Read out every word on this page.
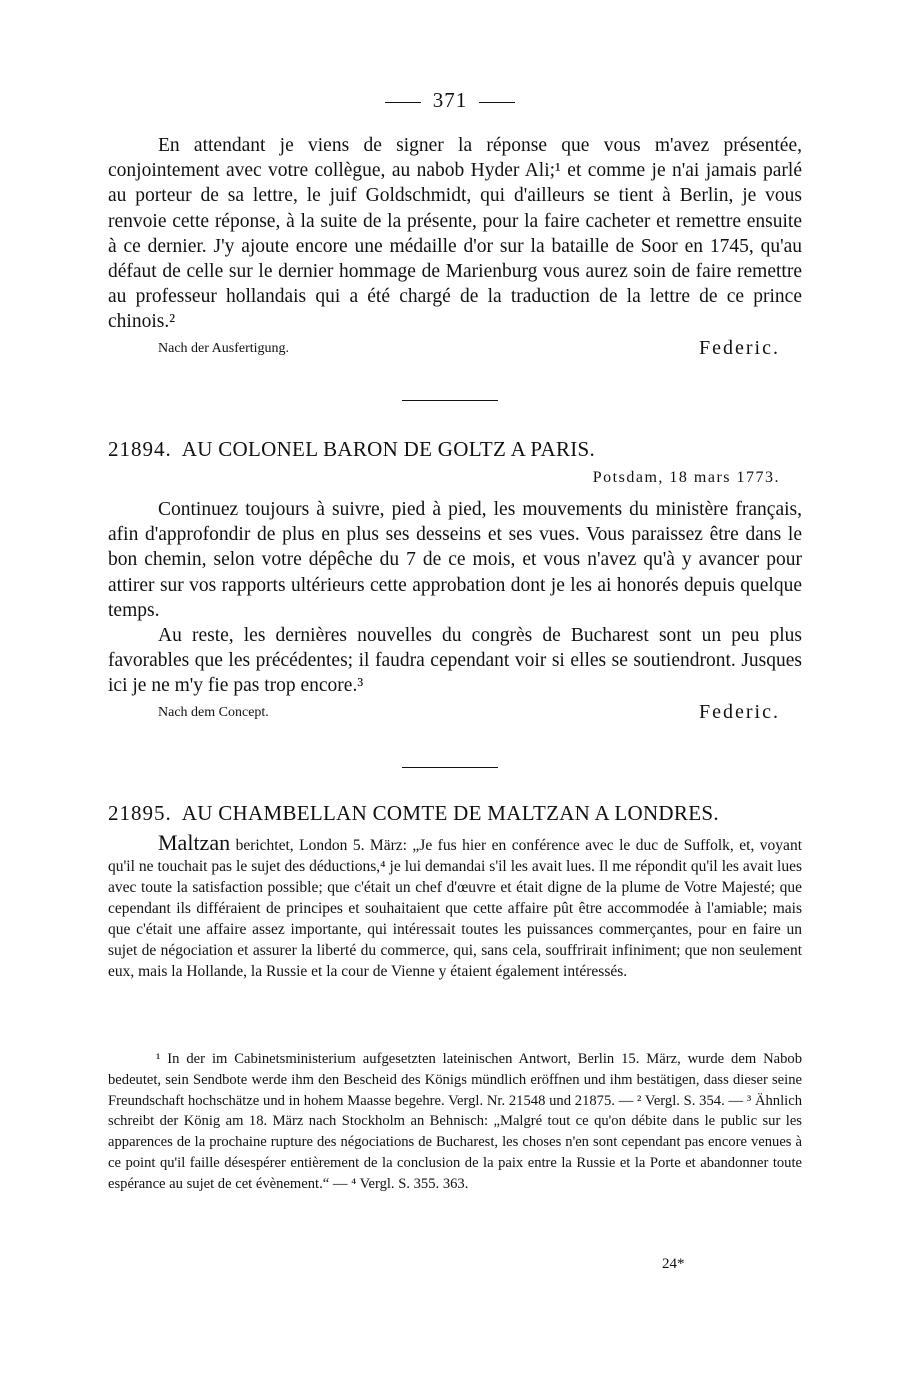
371

En attendant je viens de signer la réponse que vous m'avez présentée, conjointement avec votre collègue, au nabob Hyder Ali;¹ et comme je n'ai jamais parlé au porteur de sa lettre, le juif Goldschmidt, qui d'ailleurs se tient à Berlin, je vous renvoie cette réponse, à la suite de la présente, pour la faire cacheter et remettre ensuite à ce dernier. J'y ajoute encore une médaille d'or sur la bataille de Soor en 1745, qu'au défaut de celle sur le dernier hommage de Marienburg vous aurez soin de faire remettre au professeur hollandais qui a été chargé de la traduction de la lettre de ce prince chinois.²

Nach der Ausfertigung.	Federic.
21894. AU COLONEL BARON DE GOLTZ A PARIS.
Potsdam, 18 mars 1773.

Continuez toujours à suivre, pied à pied, les mouvements du ministère français, afin d'approfondir de plus en plus ses desseins et ses vues. Vous paraissez être dans le bon chemin, selon votre dépêche du 7 de ce mois, et vous n'avez qu'à y avancer pour attirer sur vos rapports ultérieurs cette approbation dont je les ai honorés depuis quelque temps.

Au reste, les dernières nouvelles du congrès de Bucharest sont un peu plus favorables que les précédentes; il faudra cependant voir si elles se soutiendront. Jusques ici je ne m'y fie pas trop encore.³

Nach dem Concept.	Federic.
21895. AU CHAMBELLAN COMTE DE MALTZAN A LONDRES.

Maltzan berichtet, London 5. März: „Je fus hier en conférence avec le duc de Suffolk, et, voyant qu'il ne touchait pas le sujet des déductions,⁴ je lui demandai s'il les avait lues. Il me répondit qu'il les avait lues avec toute la satisfaction possible; que c'était un chef d'œuvre et était digne de la plume de Votre Majesté; que cependant ils différaient de principes et souhaitaient que cette affaire pût être accommodée à l'amiable; mais que c'était une affaire assez importante, qui intéressait toutes les puissances commerçantes, pour en faire un sujet de négociation et assurer la liberté du commerce, qui, sans cela, souffrirait infiniment; que non seulement eux, mais la Hollande, la Russie et la cour de Vienne y étaient également intéressés.

¹ In der im Cabinetsministerium aufgesetzten lateinischen Antwort, Berlin 15. März, wurde dem Nabob bedeutet, sein Sendbote werde ihm den Bescheid des Königs mündlich eröffnen und ihm bestätigen, dass dieser seine Freundschaft hochschätze und in hohem Maasse begehre. Vergl. Nr. 21548 und 21875. — ² Vergl. S. 354. — ³ Ähnlich schreibt der König am 18. März nach Stockholm an Behnisch: „Malgré tout ce qu'on débite dans le public sur les apparences de la prochaine rupture des négociations de Bucharest, les choses n'en sont cependant pas encore venues à ce point qu'il faille désespérer entièrement de la conclusion de la paix entre la Russie et la Porte et abandonner toute espérance au sujet de cet évènement.“ — ⁴ Vergl. S. 355. 363.

24*
